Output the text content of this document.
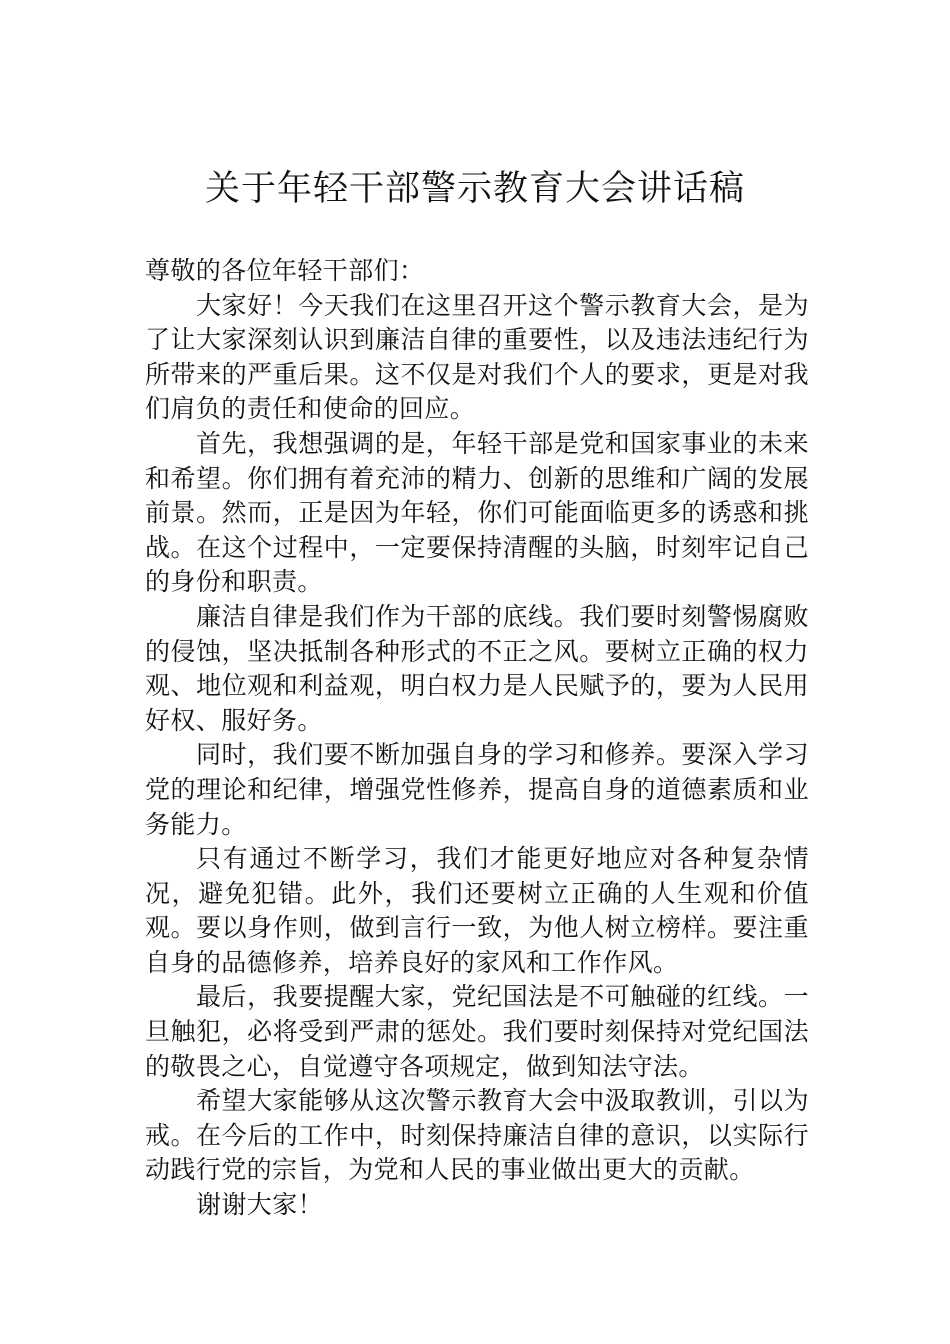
关于年轻干部警示教育大会讲话稿

尊敬的各位年轻干部们：

大家好！今天我们在这里召开这个警示教育大会，是为了让大家深刻认识到廉洁自律的重要性，以及违法违纪行为所带来的严重后果。这不仅是对我们个人的要求，更是对我们肩负的责任和使命的回应。

首先，我想强调的是，年轻干部是党和国家事业的未来和希望。你们拥有着充沛的精力、创新的思维和广阔的发展前景。然而，正是因为年轻，你们可能面临更多的诱惑和挑战。在这个过程中，一定要保持清醒的头脑，时刻牢记自己的身份和职责。

廉洁自律是我们作为干部的底线。我们要时刻警惕腐败的侵蚀，坚决抵制各种形式的不正之风。要树立正确的权力观、地位观和利益观，明白权力是人民赋予的，要为人民用好权、服好务。

同时，我们要不断加强自身的学习和修养。要深入学习党的理论和纪律，增强党性修养，提高自身的道德素质和业务能力。

只有通过不断学习，我们才能更好地应对各种复杂情况，避免犯错。此外，我们还要树立正确的人生观和价值观。要以身作则，做到言行一致，为他人树立榜样。要注重自身的品德修养，培养良好的家风和工作作风。

最后，我要提醒大家，党纪国法是不可触碰的红线。一旦触犯，必将受到严肃的惩处。我们要时刻保持对党纪国法的敬畏之心，自觉遵守各项规定，做到知法守法。

希望大家能够从这次警示教育大会中汲取教训，引以为戒。在今后的工作中，时刻保持廉洁自律的意识，以实际行动践行党的宗旨，为党和人民的事业做出更大的贡献。

谢谢大家！
